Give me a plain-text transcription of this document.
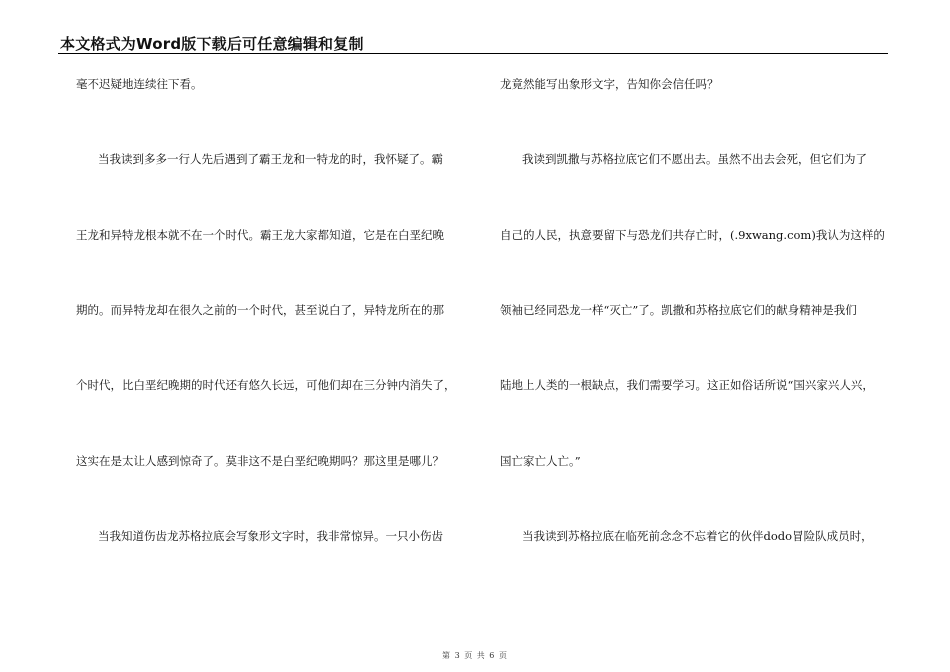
本文格式为Word版下载后可任意编辑和复制
毫不迟疑地连续往下看。
当我读到多多一行人先后遇到了霸王龙和一特龙的时，我怀疑了。霸
王龙和异特龙根本就不在一个时代。霸王龙大家都知道，它是在白垩纪晚
期的。而异特龙却在很久之前的一个时代，甚至说白了，异特龙所在的那
个时代，比白垩纪晚期的时代还有悠久长远，可他们却在三分钟内消失了，
这实在是太让人感到惊奇了。莫非这不是白垩纪晚期吗？那这里是哪儿？
当我知道伤齿龙苏格拉底会写象形文字时，我非常惊异。一只小伤齿
龙竟然能写出象形文字，告知你会信任吗？
我读到凯撒与苏格拉底它们不愿出去。虽然不出去会死，但它们为了
自己的人民，执意要留下与恐龙们共存亡时，(.9xwang.com)我认为这样的
领袖已经同恐龙一样“灭亡”了。凯撒和苏格拉底它们的献身精神是我们
陆地上人类的一根缺点，我们需要学习。这正如俗话所说“国兴家兴人兴，
国亡家亡人亡。”
当我读到苏格拉底在临死前念念不忘着它的伙伴dodo冒险队成员时，
第 3 页 共 6 页
